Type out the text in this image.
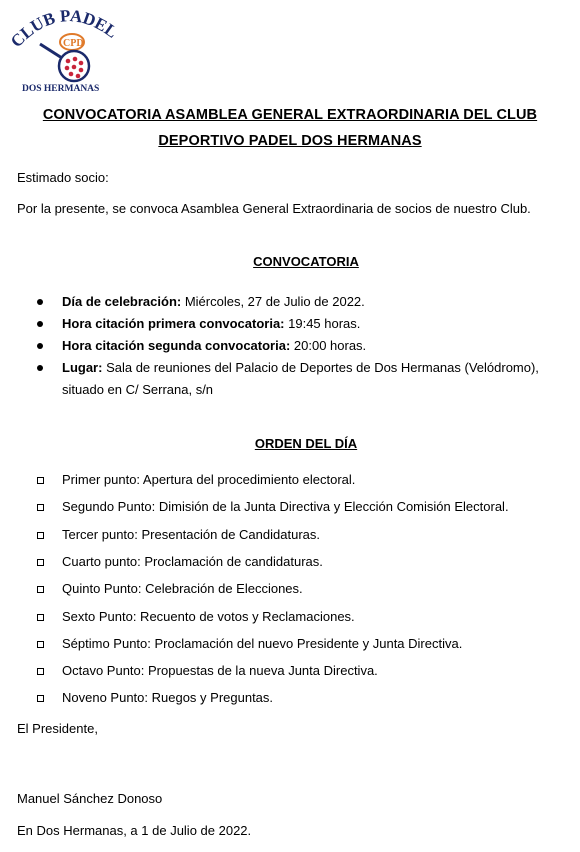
LUB PADEL
CPD
DOS HERMANAS
CONVOCATORIA ASAMBLEA GENERAL EXTRAORDINARIA DEL CLUB
DEPORTIVO PADEL DOS HERMANAS
Estimado socio:
Por la presente, se convoca Asamblea General Extraordinaria de socios de nuestro Club.
CONVOCATORIA
Día de celebración: Miércoles, 27 de Julio de 2022.
Hora citación primera convocatoria: 19:45 horas.
Hora citación segunda convocatoria: 20:00 horas.
Lugar: Sala de reuniones del Palacio de Deportes de Dos Hermanas (Velódromo),
situado en C/ Serrana, s/n
ORDEN DEL DÍA
Primer punto: Apertura del procedimiento electoral.
Segundo Punto: Dimisión de la Junta Directiva y Elección Comisión Electoral.
Tercer punto: Presentación de Candidaturas.
Cuarto punto: Proclamación de candidaturas.
Quinto Punto: Celebración de Elecciones.
Sexto Punto: Recuento de votos y Reclamaciones.
Séptimo Punto: Proclamación del nuevo Presidente y Junta Directiva.
Octavo Punto: Propuestas de la nueva Junta Directiva.
Noveno Punto: Ruegos y Preguntas.
El Presidente,
Manuel Sánchez Donoso
En Dos Hermanas, a 1 de Julio de 2022.
